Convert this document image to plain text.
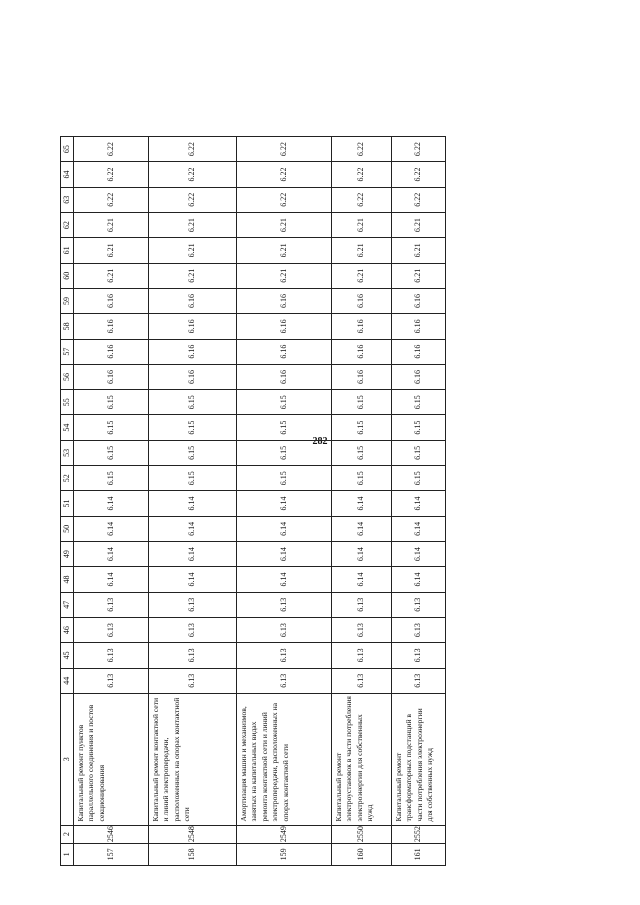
282
1	2	3	44	45	46	47	48	49	50	51	52	53	54	55	56	57	58	59	60	61	62	63	64	65
157	2546	Капитальный ремонт пунктов параллельного соединения и постов секционирования	6.13	6.13	6.13	6.13	6.14	6.14	6.14	6.14	6.15	6.15	6.15	6.15	6.16	6.16	6.16	6.16	6.21	6.21	6.21	6.22	6.22	6.22
158	2548	Капитальный ремонт контактной сети и линий электропередачи, расположенных на опорах контактной сети	6.13	6.13	6.13	6.13	6.14	6.14	6.14	6.14	6.15	6.15	6.15	6.15	6.16	6.16	6.16	6.16	6.21	6.21	6.21	6.22	6.22	6.22
159	2549	Амортизация машин и механизмов, занятых на капитальных видах ремонта контактной сети и линий электропередачи, расположенных на опорах контактной сети	6.13	6.13	6.13	6.13	6.14	6.14	6.14	6.14	6.15	6.15	6.15	6.15	6.16	6.16	6.16	6.16	6.21	6.21	6.21	6.22	6.22	6.22
160	2550	Капитальный ремонт электроустановок в части потребления электроэнергии для собственных нужд	6.13	6.13	6.13	6.13	6.14	6.14	6.14	6.14	6.15	6.15	6.15	6.15	6.16	6.16	6.16	6.16	6.21	6.21	6.21	6.22	6.22	6.22
161	2552	Капитальный ремонт трансформаторных подстанций в части потребления электроэнергии для собственных нужд	6.13	6.13	6.13	6.13	6.14	6.14	6.14	6.14	6.15	6.15	6.15	6.15	6.16	6.16	6.16	6.16	6.21	6.21	6.21	6.22	6.22	6.22
